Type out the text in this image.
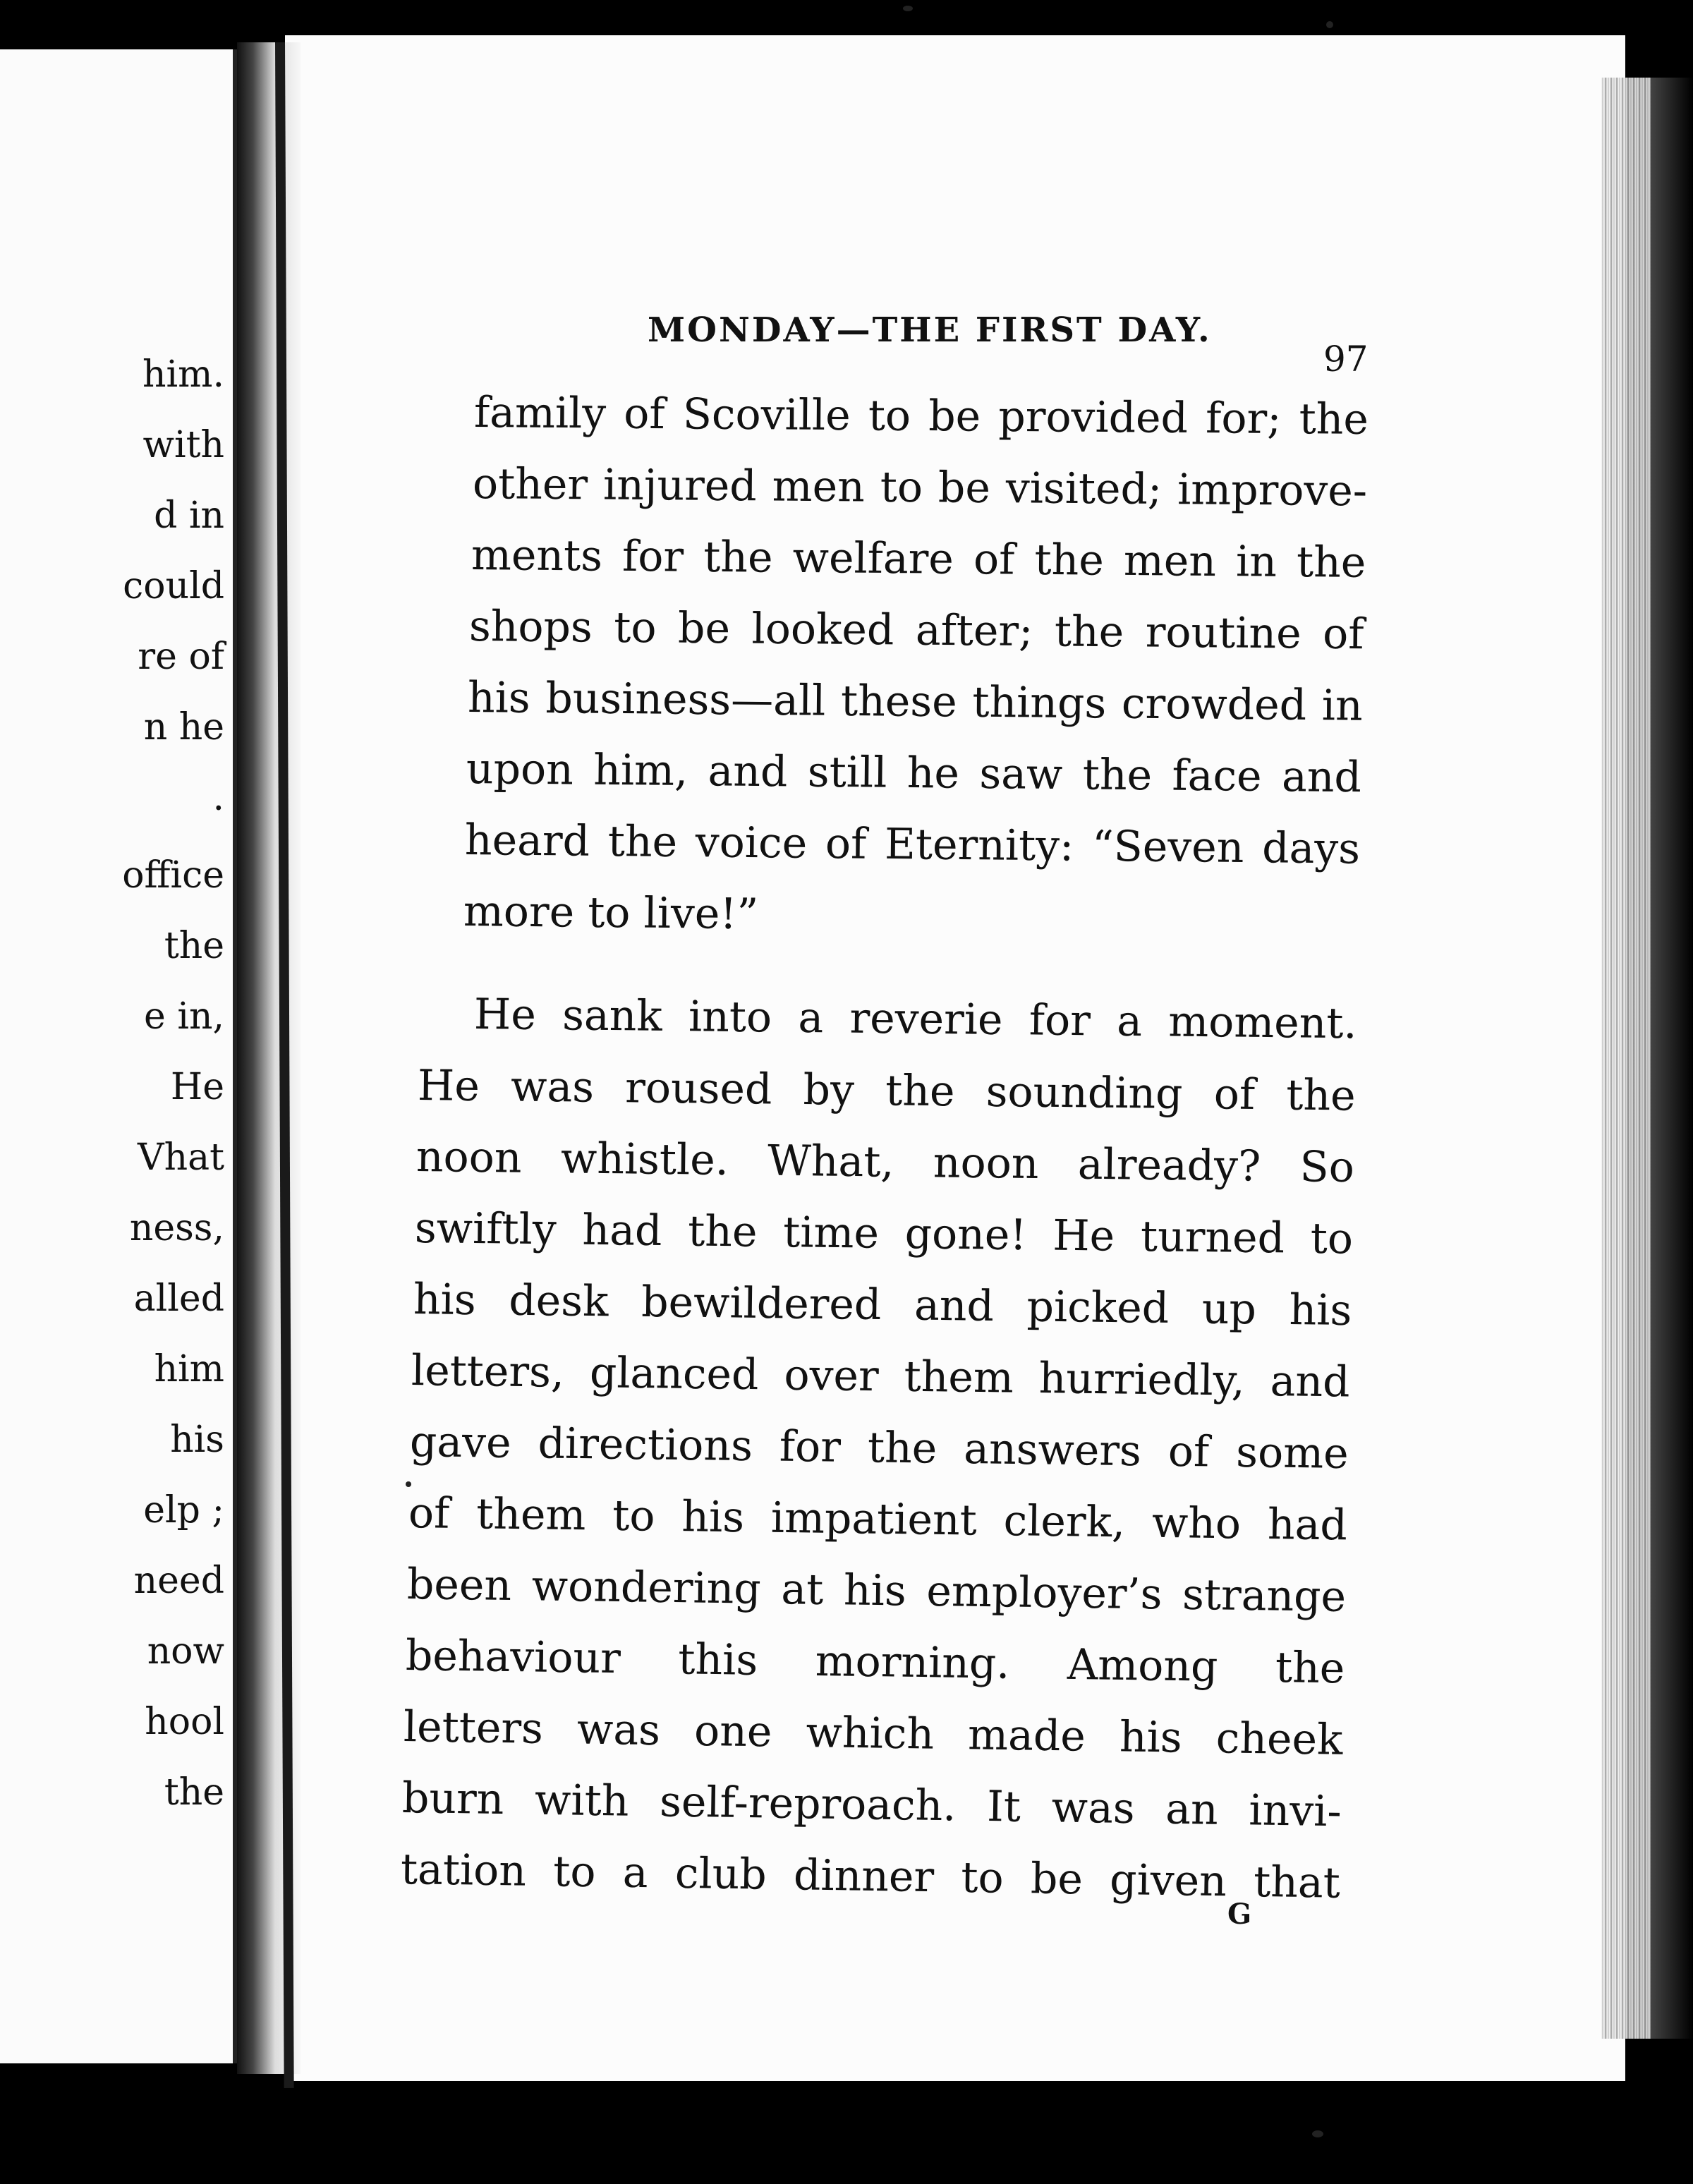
him.
with
d in
could
re of
n he
.
office
the
e in,
He
Vhat
ness,
alled
him
his
elp ;
need
now
hool
the
MONDAY—THE FIRST DAY.
97
family of Scoville to be provided for; the
other injured men to be visited; improve-
ments for the welfare of the men in the
shops to be looked after; the routine of
his business—all these things crowded in
upon him, and still he saw the face and
heard the voice of Eternity: “Seven days
more to live!”
He sank into a reverie for a moment.
He was roused by the sounding of the
noon whistle. What, noon already? So
swiftly had the time gone! He turned to
his desk bewildered and picked up his
letters, glanced over them hurriedly, and
gave directions for the answers of some
of them to his impatient clerk, who had
been wondering at his employer’s strange
behaviour this morning. Among the
letters was one which made his cheek
burn with self-reproach. It was an invi-
tation to a club dinner to be given that
G
